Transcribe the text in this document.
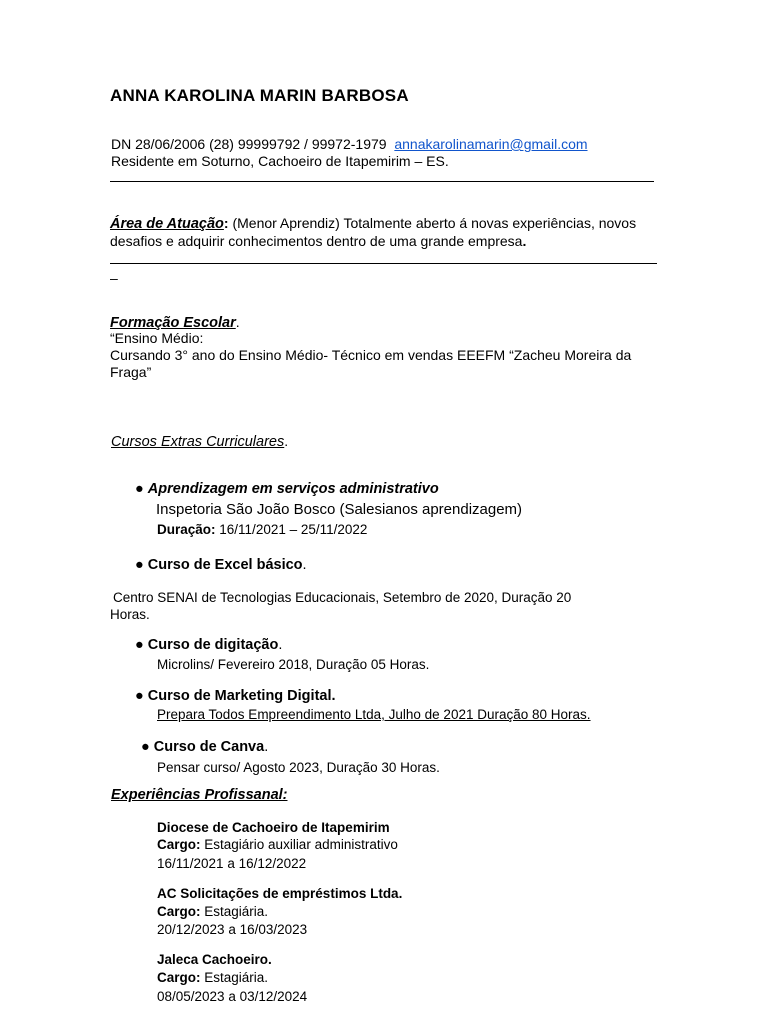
ANNA KAROLINA MARIN BARBOSA
DN 28/06/2006 (28) 99999792 / 99972-1979 annakarolinamarin@gmail.com
Residente em Soturno, Cachoeiro de Itapemirim – ES.
Área de Atuação: (Menor Aprendiz) Totalmente aberto á novas experiências, novos
desafios e adquirir conhecimentos dentro de uma grande empresa.
–
Formação Escolar.
“Ensino Médio:
Cursando 3° ano do Ensino Médio- Técnico em vendas EEEFM “Zacheu Moreira da
Fraga”
Cursos Extras Curriculares.
● Aprendizagem em serviços administrativo
Inspetoria São João Bosco (Salesianos aprendizagem)
Duração: 16/11/2021 – 25/11/2022
● Curso de Excel básico.
Centro SENAI de Tecnologias Educacionais, Setembro de 2020, Duração 20
Horas.
● Curso de digitação.
Microlins/ Fevereiro 2018, Duração 05 Horas.
● Curso de Marketing Digital.
Prepara Todos Empreendimento Ltda, Julho de 2021 Duração 80 Horas.
● Curso de Canva.
Pensar curso/ Agosto 2023, Duração 30 Horas.
Experiências Profissanal:
Diocese de Cachoeiro de Itapemirim
Cargo: Estagiário auxiliar administrativo
16/11/2021 a 16/12/2022
AC Solicitações de empréstimos Ltda.
Cargo: Estagiária.
20/12/2023 a 16/03/2023
Jaleca Cachoeiro.
Cargo: Estagiária.
08/05/2023 a 03/12/2024
